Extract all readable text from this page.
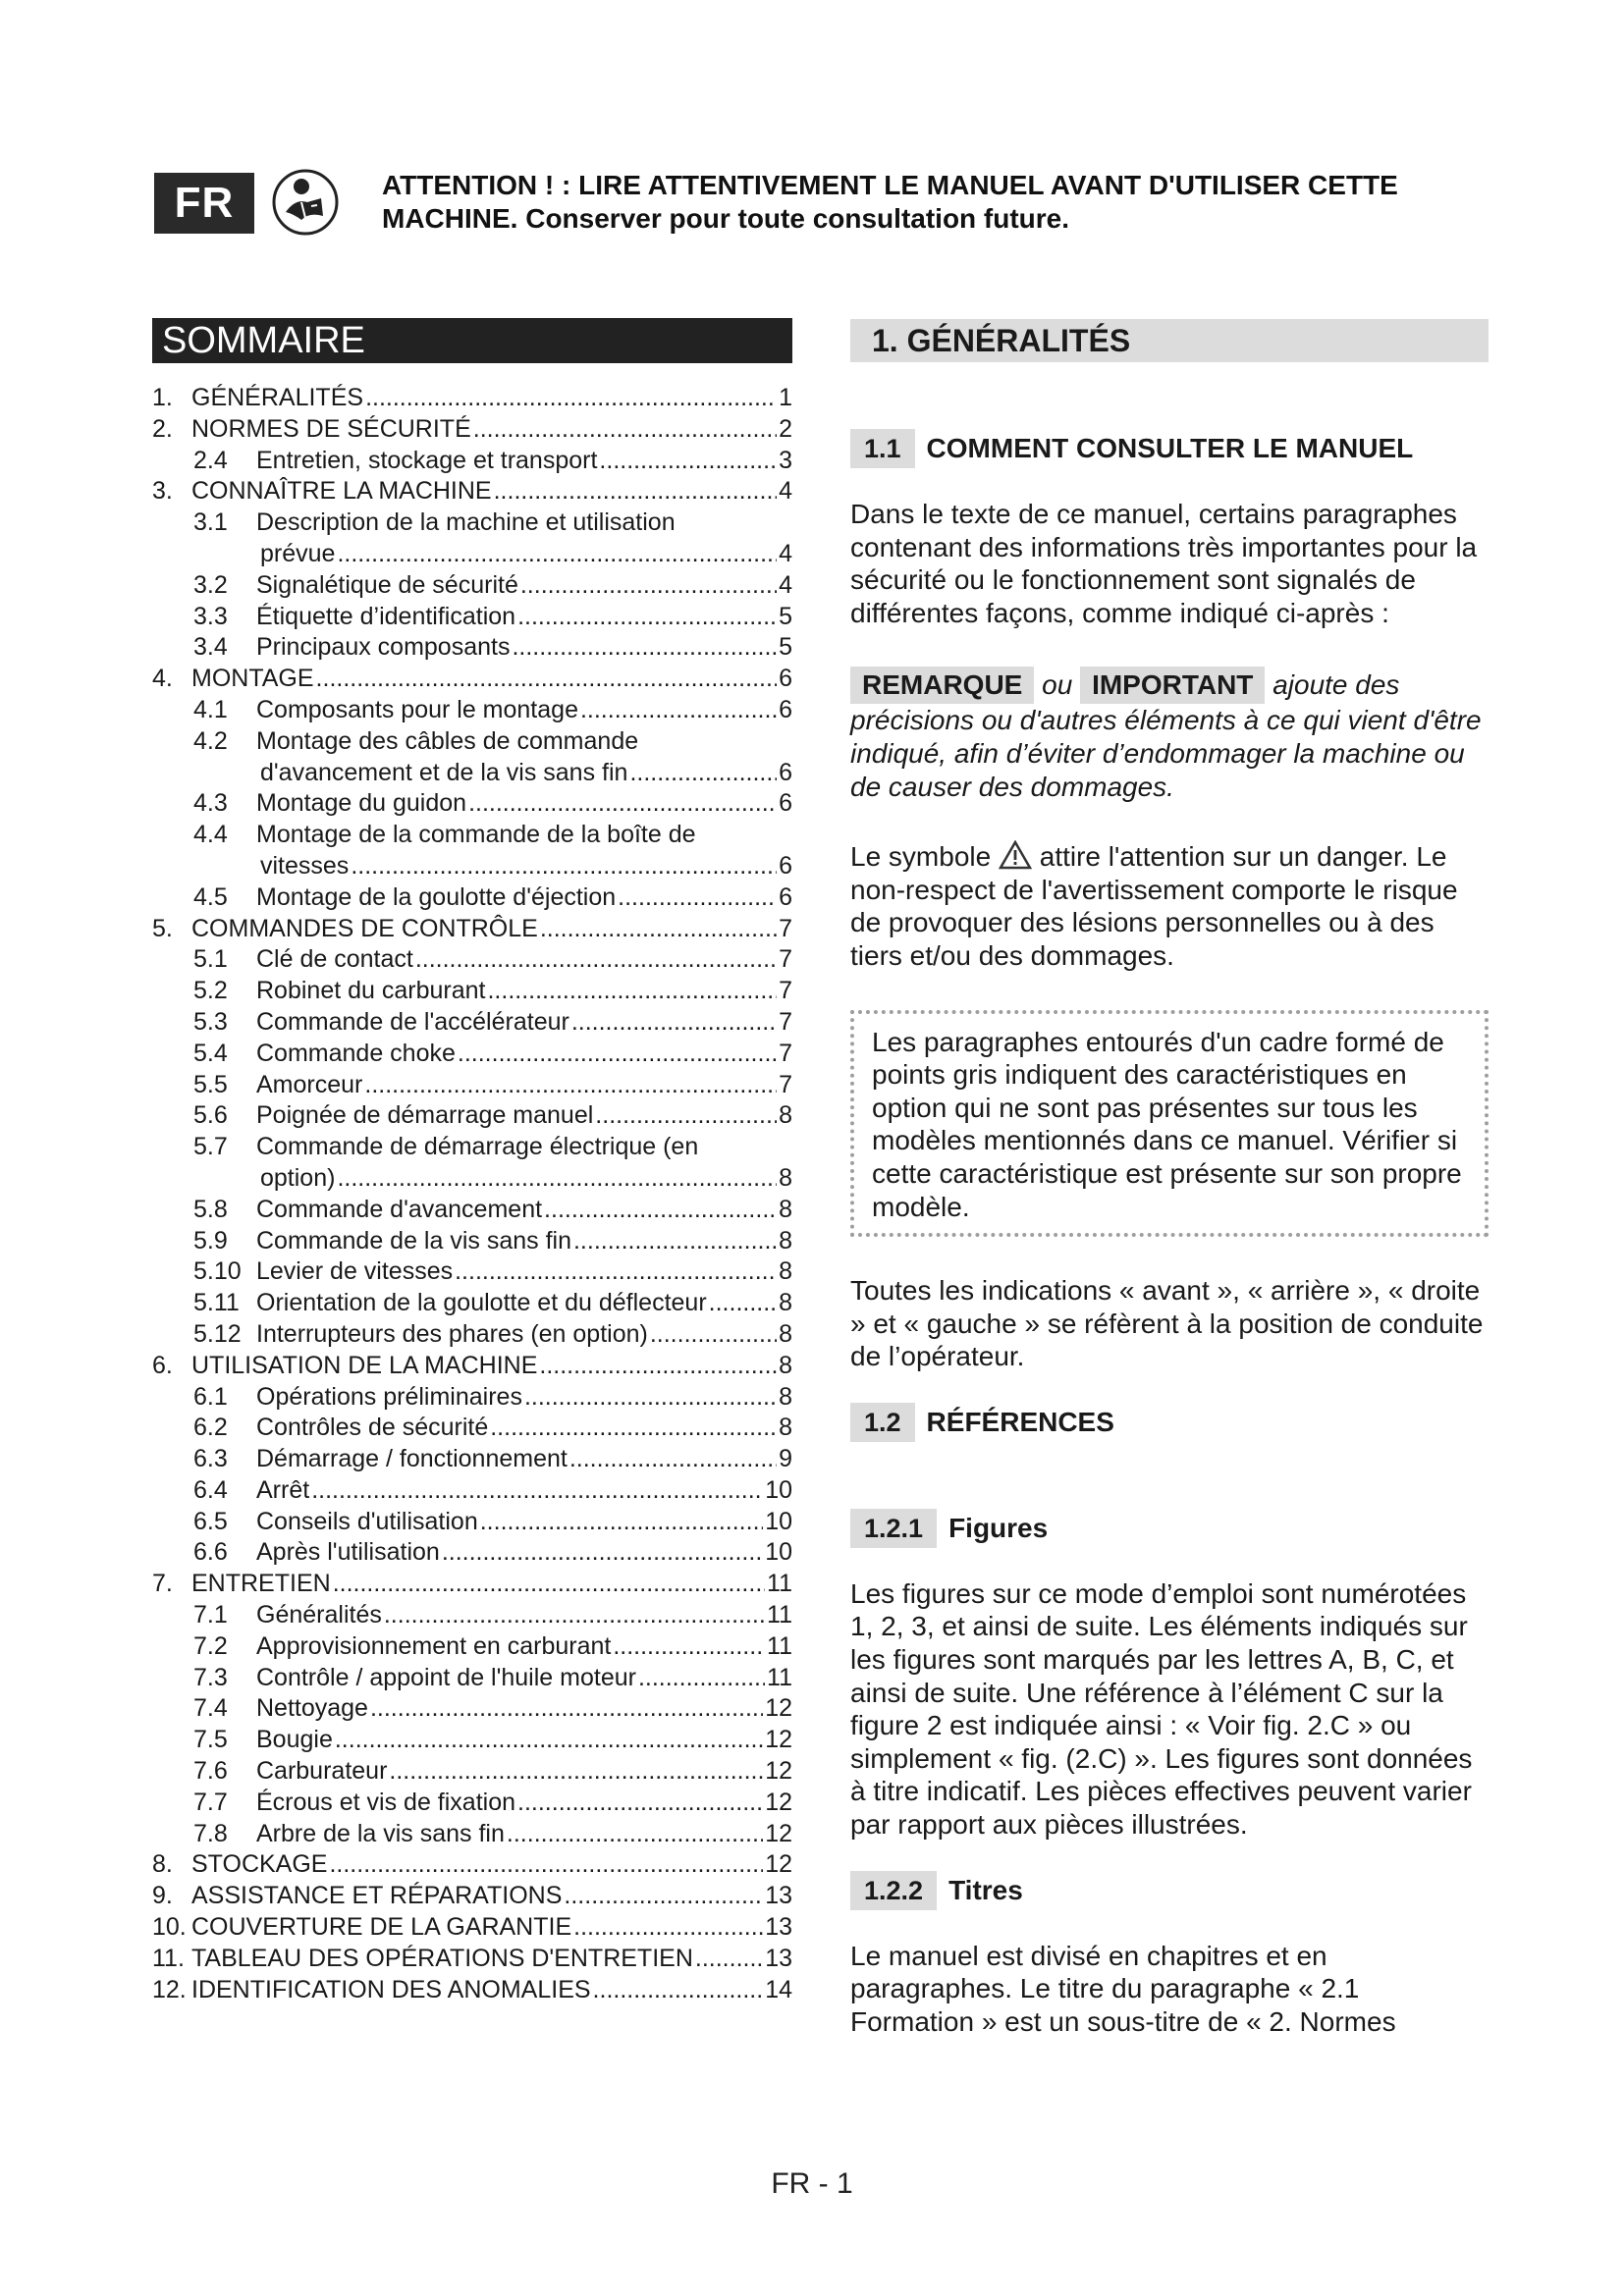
FR	ATTENTION ! : LIRE ATTENTIVEMENT LE MANUEL AVANT D'UTILISER CETTE MACHINE. Conserver pour toute consultation future.
SOMMAIRE
1. GÉNÉRALITÉS .....	1
2. NORMES DE SÉCURITÉ .....	2
2.4	Entretien, stockage et transport .....	3
3. CONNAÎTRE LA MACHINE .....	4
3.1	Description de la machine et utilisation
prévue .....	4
3.2	Signalétique de sécurité .....	4
3.3	Étiquette d’identification .....	5
3.4	Principaux composants .....	5
4. MONTAGE .....	6
4.1	Composants pour le montage .....	6
4.2	Montage des câbles de commande
d'avancement et de la vis sans fin .....	6
4.3	Montage du guidon .....	6
4.4	Montage de la commande de la boîte de
vitesses .....	6
4.5	Montage de la goulotte d'éjection .....	6
5. COMMANDES DE CONTRÔLE .....	7
5.1	Clé de contact .....	7
5.2	Robinet du carburant .....	7
5.3	Commande de l'accélérateur .....	7
5.4	Commande choke .....	7
5.5	Amorceur .....	7
5.6	Poignée de démarrage manuel .....	8
5.7	Commande de démarrage électrique (en
option) .....	8
5.8	Commande d'avancement .....	8
5.9	Commande de la vis sans fin .....	8
5.10 Levier de vitesses .....	8
5.11 Orientation de la goulotte et du déflecteur .....	8
5.12 Interrupteurs des phares (en option) .....	8
6. UTILISATION DE LA MACHINE .....	8
6.1	Opérations préliminaires .....	8
6.2	Contrôles de sécurité .....	8
6.3	Démarrage / fonctionnement .....	9
6.4	Arrêt .....	10
6.5	Conseils d'utilisation .....	10
6.6	Après l'utilisation .....	10
7. ENTRETIEN .....	11
7.1	Généralités .....	11
7.2	Approvisionnement en carburant .....	11
7.3	Contrôle / appoint de l'huile moteur .....	11
7.4	Nettoyage .....	12
7.5	Bougie .....	12
7.6	Carburateur .....	12
7.7	Écrous et vis de fixation .....	12
7.8	Arbre de la vis sans fin .....	12
8. STOCKAGE .....	12
9. ASSISTANCE ET RÉPARATIONS .....	13
10. COUVERTURE DE LA GARANTIE .....	13
11. TABLEAU DES OPÉRATIONS D'ENTRETIEN .....	13
12. IDENTIFICATION DES ANOMALIES .....	14
1. GÉNÉRALITÉS
1.1 COMMENT CONSULTER LE MANUEL

Dans le texte de ce manuel, certains paragraphes contenant des informations très importantes pour la sécurité ou le fonctionnement sont signalés de différentes façons, comme indiqué ci-après :

REMARQUE ou IMPORTANT ajoute des précisions ou d'autres éléments à ce qui vient d'être indiqué, afin d’éviter d’endommager la machine ou de causer des dommages.

Le symbole attire l'attention sur un danger. Le non-respect de l'avertissement comporte le risque de provoquer des lésions personnelles ou à des tiers et/ou des dommages.

Les paragraphes entourés d'un cadre formé de points gris indiquent des caractéristiques en option qui ne sont pas présentes sur tous les modèles mentionnés dans ce manuel. Vérifier si cette caractéristique est présente sur son propre modèle.

Toutes les indications « avant », « arrière », « droite » et « gauche » se réfèrent à la position de conduite de l’opérateur.

1.2 RÉFÉRENCES
1.2.1 Figures

Les figures sur ce mode d’emploi sont numérotées 1, 2, 3, et ainsi de suite. Les éléments indiqués sur les figures sont marqués par les lettres A, B, C, et ainsi de suite. Une référence à l’élément C sur la figure 2 est indiquée ainsi : « Voir fig. 2.C » ou simplement « fig. (2.C) ». Les figures sont données à titre indicatif. Les pièces effectives peuvent varier par rapport aux pièces illustrées.

1.2.2 Titres

Le manuel est divisé en chapitres et en paragraphes. Le titre du paragraphe « 2.1 Formation » est un sous-titre de « 2. Normes

FR - 1
